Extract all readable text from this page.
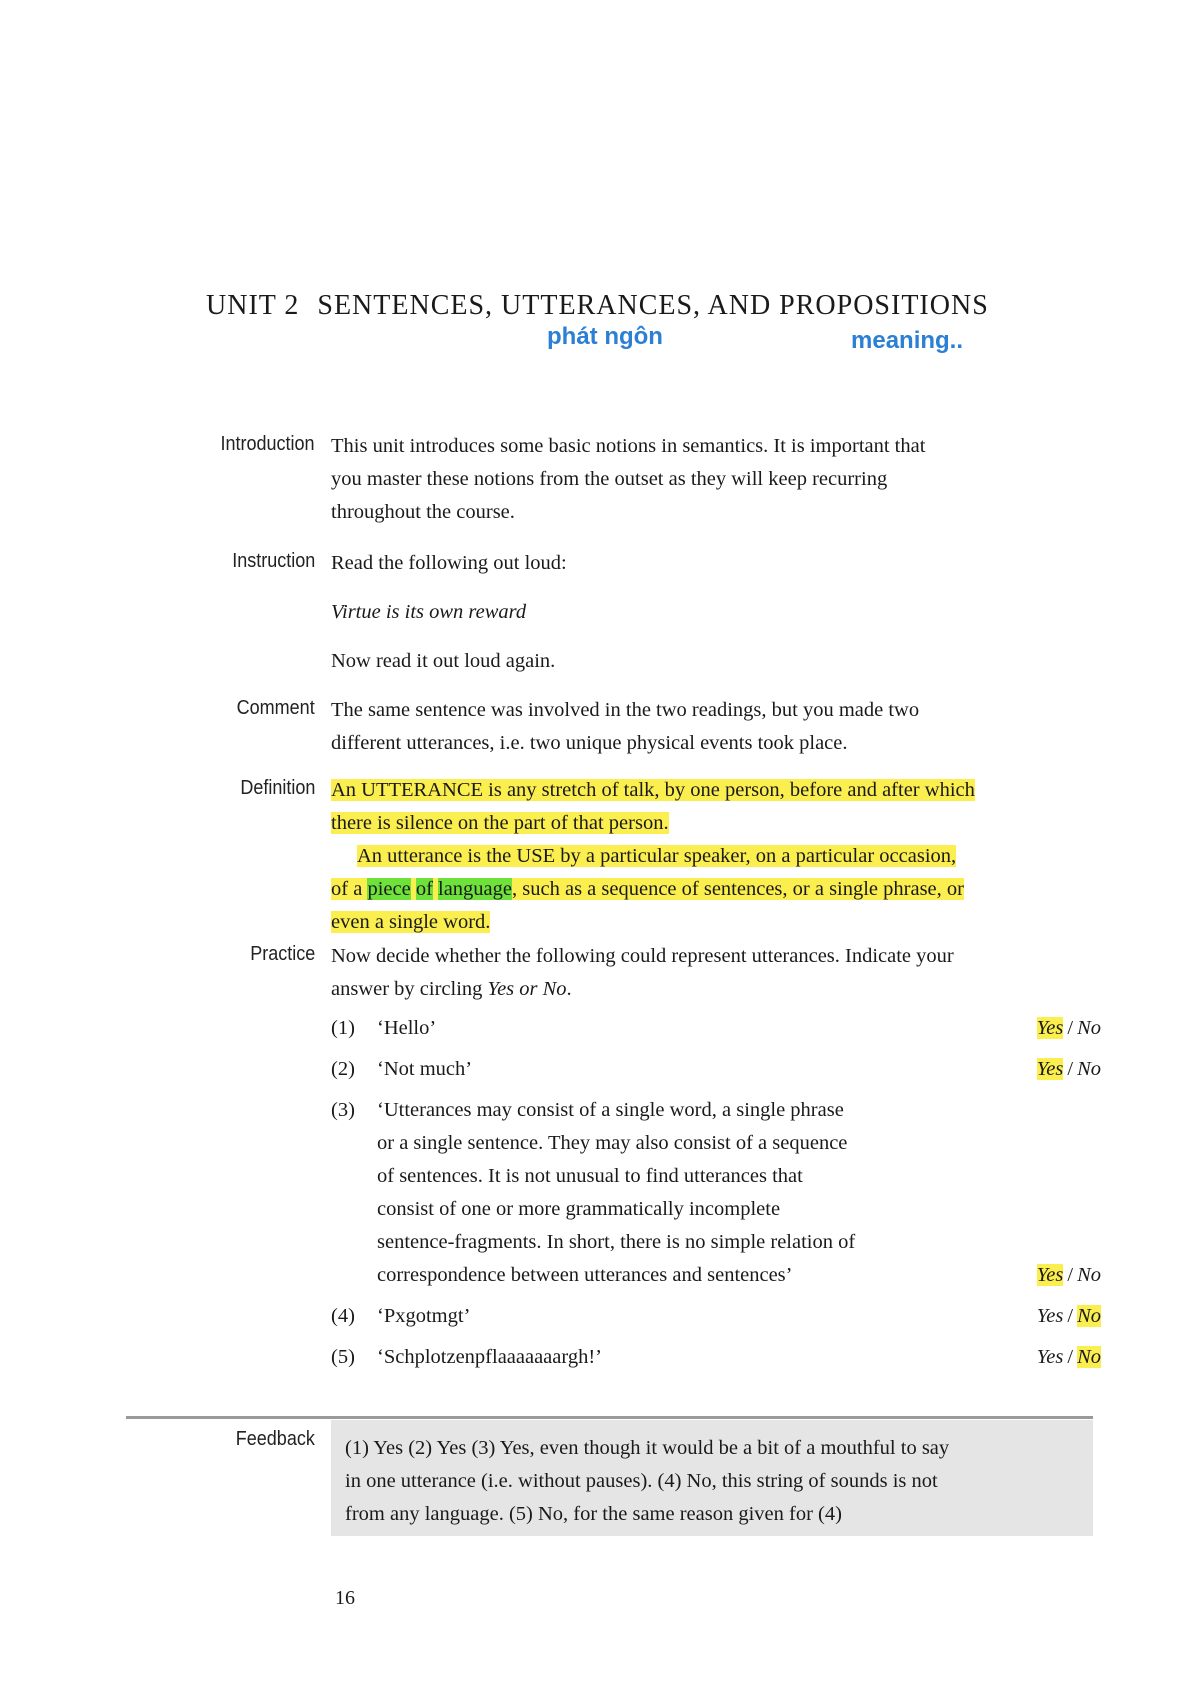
UNIT 2 SENTENCES, UTTERANCES, AND PROPOSITIONS
phát ngôn	meaning..
Introduction This unit introduces some basic notions in semantics. It is important that
you master these notions from the outset as they will keep recurring
throughout the course.
Instruction Read the following out loud:
Virtue is its own reward
Now read it out loud again.
Comment The same sentence was involved in the two readings, but you made two
different utterances, i.e. two unique physical events took place.
Definition An UTTERANCE is any stretch of talk, by one person, before and after which
there is silence on the part of that person.
An utterance is the USE by a particular speaker, on a particular occasion,
of a piece of language, such as a sequence of sentences, or a single phrase, or
even a single word.
Practice Now decide whether the following could represent utterances. Indicate your
answer by circling Yes or No.
(1) ‘Hello’	Yes / No
(2) ‘Not much’	Yes / No
(3) ‘Utterances may consist of a single word, a single phrase
or a single sentence. They may also consist of a sequence
of sentences. It is not unusual to find utterances that
consist of one or more grammatically incomplete
sentence-fragments. In short, there is no simple relation of
correspondence between utterances and sentences’	Yes / No
(4) ‘Pxgotmgt’	Yes / No
(5) ‘Schplotzenpflaaaaaaargh!’	Yes / No
Feedback (1) Yes (2) Yes (3) Yes, even though it would be a bit of a mouthful to say
in one utterance (i.e. without pauses). (4) No, this string of sounds is not
from any language. (5) No, for the same reason given for (4)
16
